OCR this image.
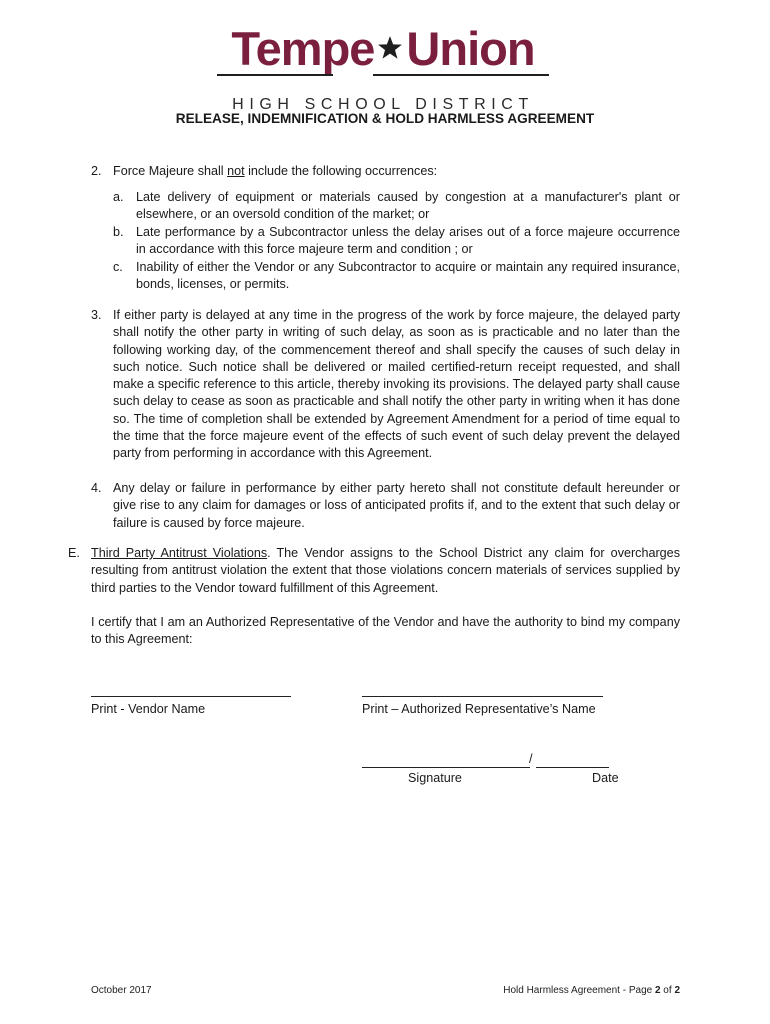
Tempe Union
HIGH SCHOOL DISTRICT
RELEASE, INDEMNIFICATION & HOLD HARMLESS AGREEMENT
2. Force Majeure shall not include the following occurrences:
a. Late delivery of equipment or materials caused by congestion at a manufacturer's plant or elsewhere, or an oversold condition of the market; or
b. Late performance by a Subcontractor unless the delay arises out of a force majeure occurrence in accordance with this force majeure term and condition ; or
c. Inability of either the Vendor or any Subcontractor to acquire or maintain any required insurance, bonds, licenses, or permits.
3. If either party is delayed at any time in the progress of the work by force majeure, the delayed party shall notify the other party in writing of such delay, as soon as is practicable and no later than the following working day, of the commencement thereof and shall specify the causes of such delay in such notice. Such notice shall be delivered or mailed certified-return receipt requested, and shall make a specific reference to this article, thereby invoking its provisions. The delayed party shall cause such delay to cease as soon as practicable and shall notify the other party in writing when it has done so. The time of completion shall be extended by Agreement Amendment for a period of time equal to the time that the force majeure event of the effects of such event of such delay prevent the delayed party from performing in accordance with this Agreement.
4. Any delay or failure in performance by either party hereto shall not constitute default hereunder or give rise to any claim for damages or loss of anticipated profits if, and to the extent that such delay or failure is caused by force majeure.
E. Third Party Antitrust Violations. The Vendor assigns to the School District any claim for overcharges resulting from antitrust violation the extent that those violations concern materials of services supplied by third parties to the Vendor toward fulfillment of this Agreement.
I certify that I am an Authorized Representative of the Vendor and have the authority to bind my company to this Agreement:
Print - Vendor Name	Print – Authorized Representative’s Name
/
Signature	Date
October 2017	Hold Harmless Agreement - Page 2 of 2
